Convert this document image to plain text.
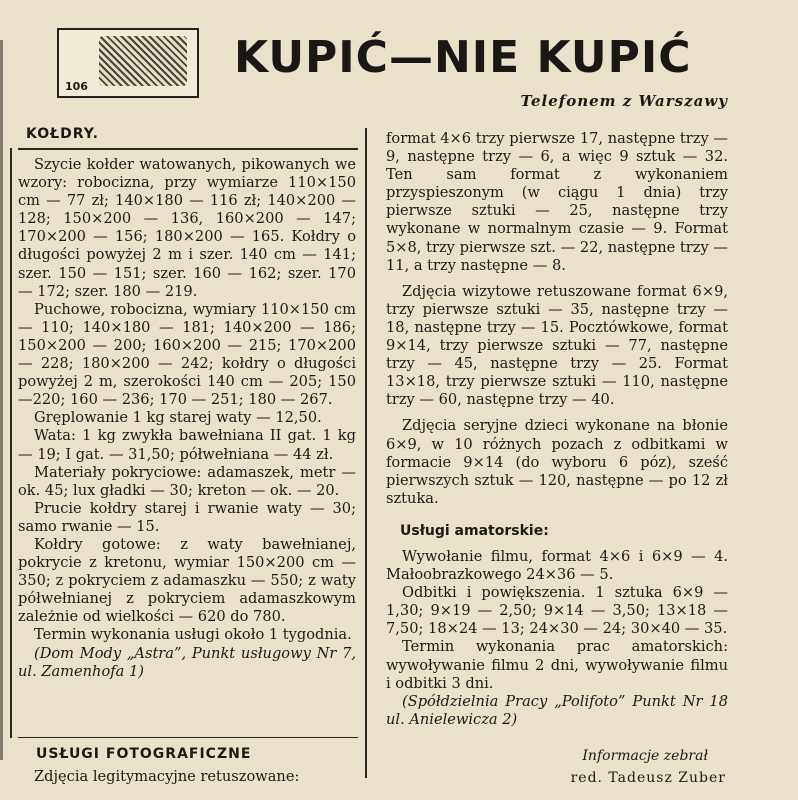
106
KUPIĆ—NIE KUPIĆ

Telefonem z Warszawy

KOŁDRY.

Szycie kołder watowanych, pikowanych we wzory: robocizna, przy wymiarze 110×150 cm — 77 zł; 140×180 — 116 zł; 140×200 — 128; 150×200 — 136, 160×200 — 147; 170×200 — 156; 180×200 — 165. Kołdry o długości powyżej 2 m i szer. 140 cm — 141; szer. 150 — 151; szer. 160 — 162; szer. 170 — 172; szer. 180 — 219.

Puchowe, robocizna, wymiary 110×150 cm — 110; 140×180 — 181; 140×200 — 186; 150×200 — 200; 160×200 — 215; 170×200 — 228; 180×200 — 242; kołdry o długości powyżej 2 m, szerokości 140 cm — 205; 150—220; 160 — 236; 170 — 251; 180 — 267.

Gręplowanie 1 kg starej waty — 12,50.

Wata: 1 kg zwykła bawełniana II gat. 1 kg — 19; I gat. — 31,50; półwełniana — 44 zł.

Materiały pokryciowe: adamaszek, metr — ok. 45; lux gładki — 30; kreton — ok. — 20.

Prucie kołdry starej i rwanie waty — 30; samo rwanie — 15.

Kołdry gotowe: z waty bawełnianej, pokrycie z kretonu, wymiar 150×200 cm — 350; z pokryciem z adamaszku — 550; z waty półwełnianej z pokryciem adamaszkowym zależnie od wielkości — 620 do 780.

Termin wykonania usługi około 1 tygodnia.

(Dom Mody „Astra”, Punkt usługowy Nr 7, ul. Zamenhofa 1)

USŁUGI FOTOGRAFICZNE

Zdjęcia legitymacyjne retuszowane:

format 4×6 trzy pierwsze 17, następne trzy — 9, następne trzy — 6, a więc 9 sztuk — 32. Ten sam format z wykonaniem przyspieszonym (w ciągu 1 dnia) trzy pierwsze sztuki — 25, następne trzy wykonane w normalnym czasie — 9. Format 5×8, trzy pierwsze szt. — 22, następne trzy — 11, a trzy następne — 8.

Zdjęcia wizytowe retuszowane format 6×9, trzy pierwsze sztuki — 35, następne trzy — 18, następne trzy — 15. Pocztówkowe, format 9×14, trzy pierwsze sztuki — 77, następne trzy — 45, następne trzy — 25. Format 13×18, trzy pierwsze sztuki — 110, następne trzy — 60, następne trzy — 40.

Zdjęcia seryjne dzieci wykonane na błonie 6×9, w 10 różnych pozach z odbitkami w formacie 9×14 (do wyboru 6 póz), sześć pierwszych sztuk — 120, następne — po 12 zł sztuka.

Usługi amatorskie:

Wywołanie filmu, format 4×6 i 6×9 — 4. Małoobrazkowego 24×36 — 5.

Odbitki i powiększenia. 1 sztuka 6×9 — 1,30; 9×19 — 2,50; 9×14 — 3,50; 13×18 — 7,50; 18×24 — 13; 24×30 — 24; 30×40 — 35.

Termin wykonania prac amatorskich: wywoływanie filmu 2 dni, wywoływanie filmu i odbitki 3 dni.

(Spółdzielnia Pracy „Polifoto” Punkt Nr 18 ul. Anielewicza 2)

Informacje zebrał

red. Tadeusz Zuber
